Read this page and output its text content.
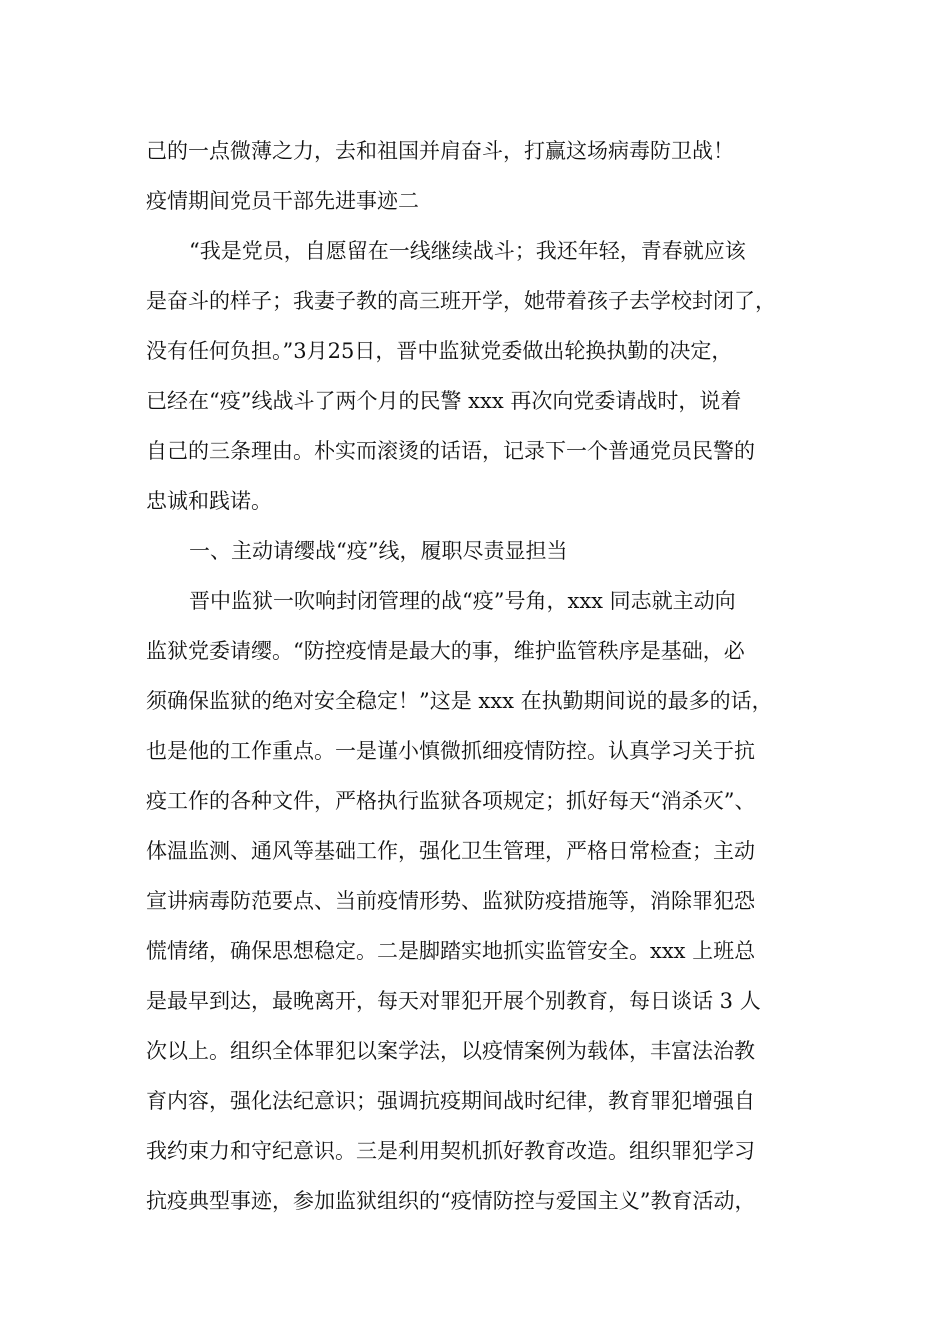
己的一点微薄之力，去和祖国并肩奋斗，打赢这场病毒防卫战！
疫情期间党员干部先进事迹二
“我是党员，自愿留在一线继续战斗；我还年轻，青春就应该
是奋斗的样子；我妻子教的高三班开学，她带着孩子去学校封闭了，
没有任何负担。”3月25日，晋中监狱党委做出轮换执勤的决定，
已经在“疫”线战斗了两个月的民警 xxx 再次向党委请战时，说着
自己的三条理由。朴实而滚烫的话语，记录下一个普通党员民警的
忠诚和践诺。
一、主动请缨战“疫”线，履职尽责显担当
晋中监狱一吹响封闭管理的战“疫”号角，xxx 同志就主动向
监狱党委请缨。“防控疫情是最大的事，维护监管秩序是基础，必
须确保监狱的绝对安全稳定！”这是 xxx 在执勤期间说的最多的话，
也是他的工作重点。一是谨小慎微抓细疫情防控。认真学习关于抗
疫工作的各种文件，严格执行监狱各项规定；抓好每天“消杀灭”、
体温监测、通风等基础工作，强化卫生管理，严格日常检查；主动
宣讲病毒防范要点、当前疫情形势、监狱防疫措施等，消除罪犯恐
慌情绪，确保思想稳定。二是脚踏实地抓实监管安全。xxx 上班总
是最早到达，最晚离开，每天对罪犯开展个别教育，每日谈话 3 人
次以上。组织全体罪犯以案学法，以疫情案例为载体，丰富法治教
育内容，强化法纪意识；强调抗疫期间战时纪律，教育罪犯增强自
我约束力和守纪意识。三是利用契机抓好教育改造。组织罪犯学习
抗疫典型事迹，参加监狱组织的“疫情防控与爱国主义”教育活动，
